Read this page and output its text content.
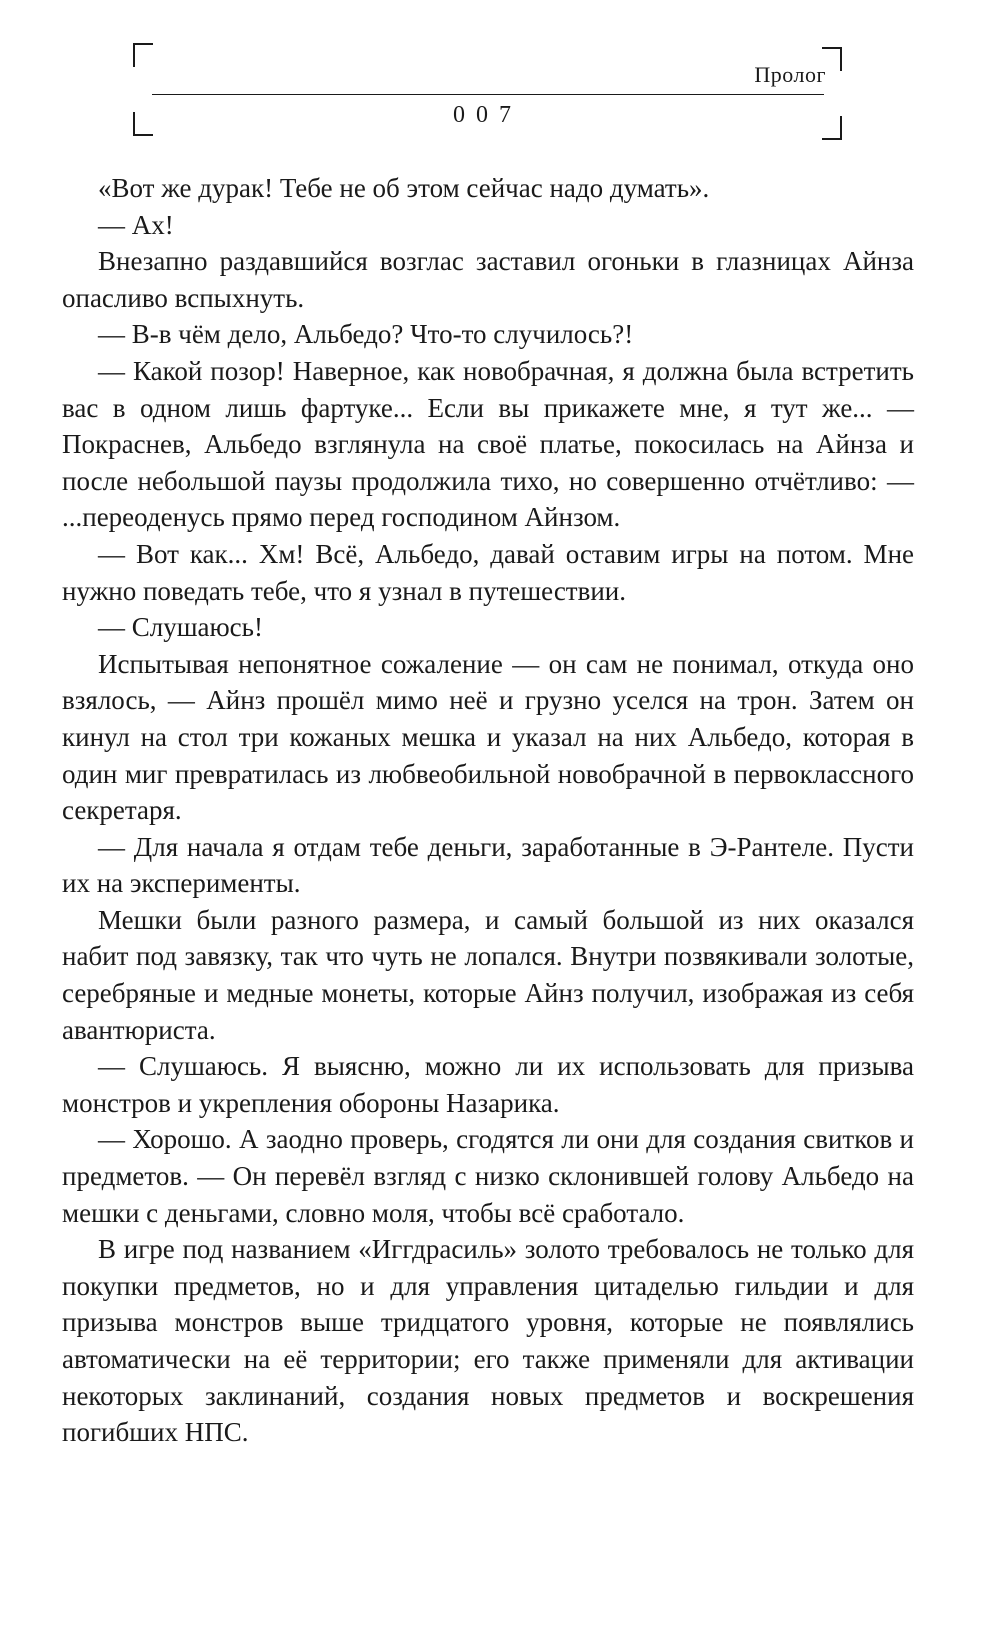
Пролог
007

«Вот же дурак! Тебе не об этом сейчас надо думать».

— Ах!

Внезапно раздавшийся возглас заставил огоньки в глазницах Айнза опасливо вспыхнуть.

— В-в чём дело, Альбедо? Что-то случилось?!

— Какой позор! Наверное, как новобрачная, я должна была встретить вас в одном лишь фартуке... Если вы прикажете мне, я тут же... — Покраснев, Альбедо взглянула на своё платье, покосилась на Айнза и после небольшой паузы продолжила тихо, но совершенно отчётливо: — ...переоденусь прямо перед господином Айнзом.

— Вот как... Хм! Всё, Альбедо, давай оставим игры на потом. Мне нужно поведать тебе, что я узнал в путешествии.

— Слушаюсь!

Испытывая непонятное сожаление — он сам не понимал, откуда оно взялось, — Айнз прошёл мимо неё и грузно уселся на трон. Затем он кинул на стол три кожаных мешка и указал на них Альбедо, которая в один миг превратилась из любвеобильной новобрачной в первоклассного секретаря.

— Для начала я отдам тебе деньги, заработанные в Э-Рантеле. Пусти их на эксперименты.

Мешки были разного размера, и самый большой из них оказался набит под завязку, так что чуть не лопался. Внутри позвякивали золотые, серебряные и медные монеты, которые Айнз получил, изображая из себя авантюриста.

— Слушаюсь. Я выясню, можно ли их использовать для призыва монстров и укрепления обороны Назарика.

— Хорошо. А заодно проверь, сгодятся ли они для создания свитков и предметов. — Он перевёл взгляд с низко склонившей голову Альбедо на мешки с деньгами, словно моля, чтобы всё сработало.

В игре под названием «Иггдрасиль» золото требовалось не только для покупки предметов, но и для управления цитаделью гильдии и для призыва монстров выше тридцатого уровня, которые не появлялись автоматически на её территории; его также применяли для активации некоторых заклинаний, создания новых предметов и воскрешения погибших НПС.
